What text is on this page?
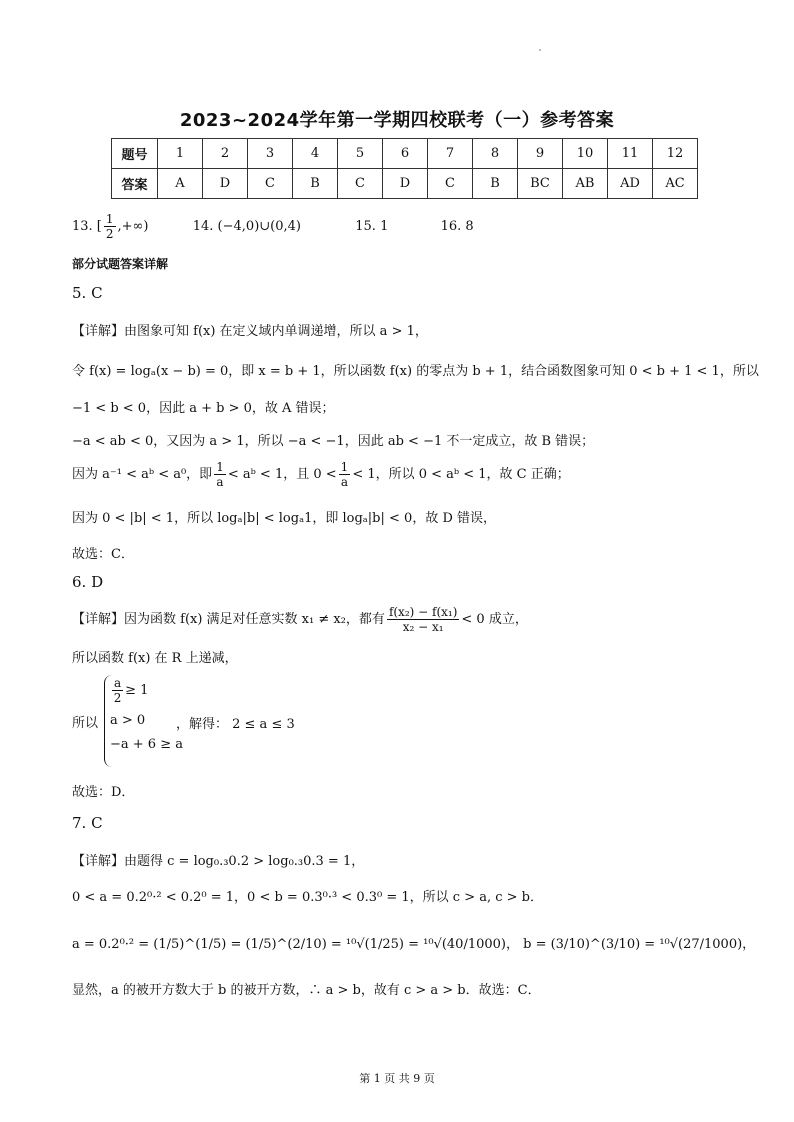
2023~2024学年第一学期四校联考（一）参考答案
题号	1	2	3	4	5	6	7	8	9	10	11	12
答案	A	D	C	B	C	D	C	B	BC	AB	AD	AC
13. [ $\frac{1}{2}$ ,+∞)	14. (−4,0)∪(0,4)	15. 1	16. 8
部分试题答案详解
5. C
【详解】由图象可知 f(x) 在定义域内单调递增，所以 a > 1，
令 f(x) = logₐ(x − b) = 0，即 x = b + 1，所以函数 f(x) 的零点为 b + 1，结合函数图象可知 0 < b + 1 < 1，所以
−1 < b < 0，因此 a + b > 0，故 A 错误；
−a < ab < 0，又因为 a > 1，所以 −a < −1，因此 ab < −1 不一定成立，故 B 错误；
因为 a⁻¹ < aᵇ < a⁰，即 $\frac{1}{a}$ < aᵇ < 1，且 $0 < \frac{1}{a} < 1$，所以 0 < aᵇ < 1，故 C 正确；
因为 0 < |b| < 1，所以 logₐ|b| < logₐ1，即 logₐ|b| < 0，故 D 错误，
故选：C．
6. D
【详解】因为函数 f(x) 满足对任意实数 x₁ ≠ x₂，都有 $\frac{\text{f(x₂) − f(x₁)}}{\text{x₂ − x₁}} < 0$ 成立，
所以函数 f(x) 在 R 上递减，
所以
$\frac{a}{2} \ge 1$
a > 0
−a + 6 ≥ a
，解得： 2 ≤ a ≤ 3
故选：D．
7. C
【详解】由题得 c = log₀.₃0.2 > log₀.₃0.3 = 1，
0 < a = 0.2⁰·² < 0.2⁰ = 1，0 < b = 0.3⁰·³ < 0.3⁰ = 1，所以 c > a, c > b．
a = 0.2⁰·² = (1/5)^(1/5) = (1/5)^(2/10) = ¹⁰√(1/25) = ¹⁰√(40/1000)， b = (3/10)^(3/10) = ¹⁰√(27/1000)，
显然，a 的被开方数大于 b 的被开方数，∴ a > b，故有 c > a > b．故选：C．
第 1 页 共 9 页
